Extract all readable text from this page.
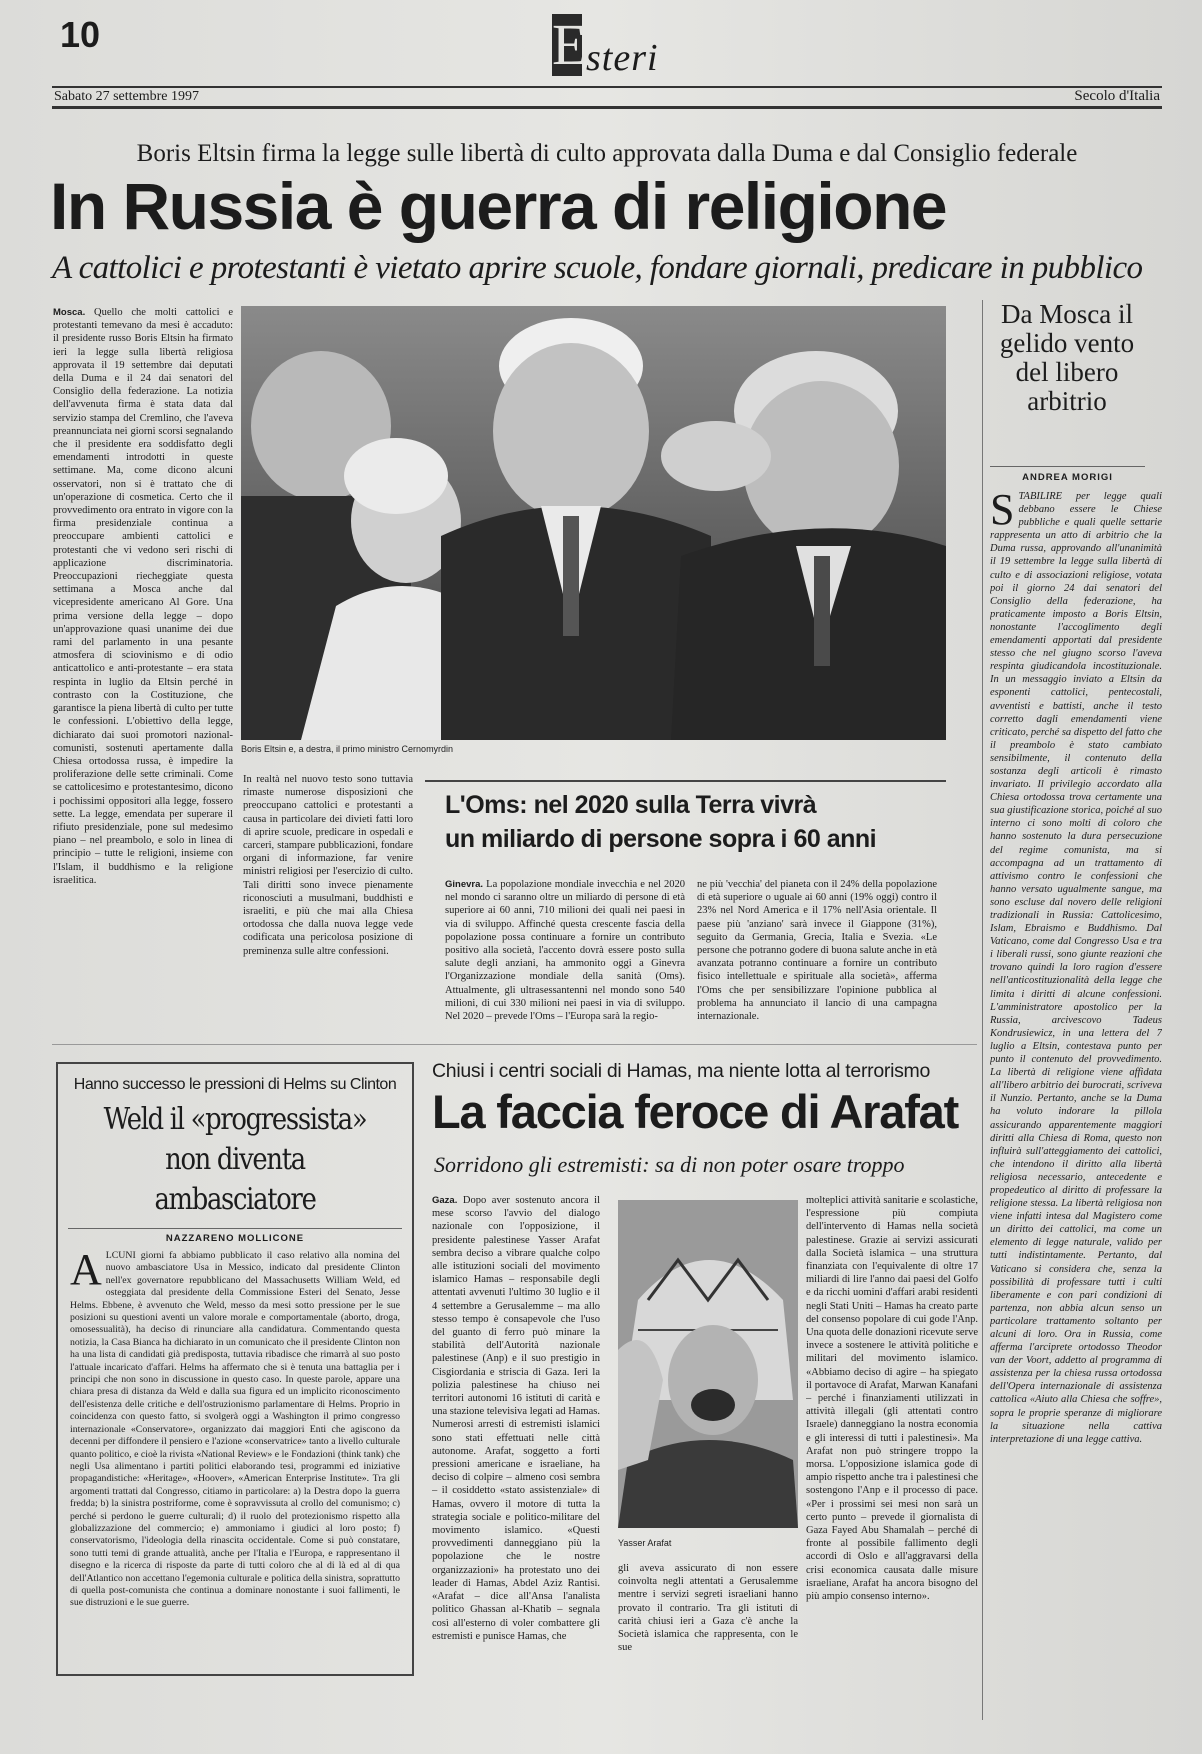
10	E
steri
Sabato 27 settembre 1997	Secolo d'Italia
Boris Eltsin firma la legge sulle libertà di culto approvata dalla Duma e dal Consiglio federale
In Russia è guerra di religione
A cattolici e protestanti è vietato aprire scuole, fondare giornali, predicare in pubblico
Mosca. Quello che molti cattolici e protestanti temevano da mesi è accaduto: il presidente russo Boris Eltsin ha firmato ieri la legge sulla libertà religiosa approvata il 19 settembre dai deputati della Duma e il 24 dai senatori del Consiglio della federazione. La notizia dell'avvenuta firma è stata data dal servizio stampa del Cremlino, che l'aveva preannunciata nei giorni scorsi segnalando che il presidente era soddisfatto degli emendamenti introdotti in queste settimane. Ma, come dicono alcuni osservatori, non si è trattato che di un'operazione di cosmetica. Certo che il provvedimento ora entrato in vigore con la firma presidenziale continua a preoccupare ambienti cattolici e protestanti che vi vedono seri rischi di applicazione discriminatoria. Preoccupazioni riecheggiate questa settimana a Mosca anche dal vicepresidente americano Al Gore. Una prima versione della legge – dopo un'approvazione quasi unanime dei due rami del parlamento in una pesante atmosfera di sciovinismo e di odio anticattolico e anti-protestante – era stata respinta in luglio da Eltsin perché in contrasto con la Costituzione, che garantisce la piena libertà di culto per tutte le confessioni. L'obiettivo della legge, dichiarato dai suoi promotori nazional-comunisti, sostenuti apertamente dalla Chiesa ortodossa russa, è impedire la proliferazione delle sette criminali. Come se cattolicesimo e protestantesimo, dicono i pochissimi oppositori alla legge, fossero sette. La legge, emendata per superare il rifiuto presidenziale, pone sul medesimo piano – nel preambolo, e solo in linea di principio – tutte le religioni, insieme con l'Islam, il buddhismo e la religione israelitica.
Boris Eltsin e, a destra, il primo ministro Cernomyrdin
In realtà nel nuovo testo sono tuttavia rimaste numerose disposizioni che preoccupano cattolici e protestanti a causa in particolare dei divieti fatti loro di aprire scuole, predicare in ospedali e carceri, stampare pubblicazioni, fondare organi di informazione, far venire ministri religiosi per l'esercizio di culto. Tali diritti sono invece pienamente riconosciuti a musulmani, buddhisti e israeliti, e più che mai alla Chiesa ortodossa che dalla nuova legge vede codificata una pericolosa posizione di preminenza sulle altre confessioni.
L'Oms: nel 2020 sulla Terra vivrà
un miliardo di persone sopra i 60 anni
Ginevra. La popolazione mondiale invecchia e nel 2020 nel mondo ci saranno oltre un miliardo di persone di età superiore ai 60 anni, 710 milioni dei quali nei paesi in via di sviluppo. Affinché questa crescente fascia della popolazione possa continuare a fornire un contributo positivo alla società, l'accento dovrà essere posto sulla salute degli anziani, ha ammonito oggi a Ginevra l'Organizzazione mondiale della sanità (Oms). Attualmente, gli ultrasessantenni nel mondo sono 540 milioni, di cui 330 milioni nei paesi in via di sviluppo. Nel 2020 – prevede l'Oms – l'Europa sarà la regio-
ne più 'vecchia' del pianeta con il 24% della popolazione di età superiore o uguale ai 60 anni (19% oggi) contro il 23% nel Nord America e il 17% nell'Asia orientale. Il paese più 'anziano' sarà invece il Giappone (31%), seguito da Germania, Grecia, Italia e Svezia. «Le persone che potranno godere di buona salute anche in età avanzata potranno continuare a fornire un contributo fisico intellettuale e spirituale alla società», afferma l'Oms che per sensibilizzare l'opinione pubblica al problema ha annunciato il lancio di una campagna internazionale.
Da Mosca il gelido vento del libero arbitrio
ANDREA MORIGI
S TABILIRE per legge quali debbano essere le Chiese pubbliche e quali quelle settarie rappresenta un atto di arbitrio che la Duma russa, approvando all'unanimità il 19 settembre la legge sulla libertà di culto e di associazioni religiose, votata poi il giorno 24 dai senatori del Consiglio della federazione, ha praticamente imposto a Boris Eltsin, nonostante l'accoglimento degli emendamenti apportati dal presidente stesso che nel giugno scorso l'aveva respinta giudicandola incostituzionale. In un messaggio inviato a Eltsin da esponenti cattolici, pentecostali, avventisti e battisti, anche il testo corretto dagli emendamenti viene criticato, perché sa dispetto del fatto che il preambolo è stato cambiato sensibilmente, il contenuto della sostanza degli articoli è rimasto invariato. Il privilegio accordato alla Chiesa ortodossa trova certamente una sua giustificazione storica, poiché al suo interno ci sono molti di coloro che hanno sostenuto la dura persecuzione del regime comunista, ma si accompagna ad un trattamento di attivismo contro le confessioni che hanno versato ugualmente sangue, ma sono escluse dal novero delle religioni tradizionali in Russia: Cattolicesimo, Islam, Ebraismo e Buddhismo. Dal Vaticano, come dal Congresso Usa e tra i liberali russi, sono giunte reazioni che trovano quindi la loro ragion d'essere nell'anticostituzionalità della legge che limita i diritti di alcune confessioni. L'amministratore apostolico per la Russia, arcivescovo Tadeus Kondrusiewicz, in una lettera del 7 luglio a Eltsin, contestava punto per punto il contenuto del provvedimento. La libertà di religione viene affidata all'libero arbitrio dei burocrati, scriveva il Nunzio. Pertanto, anche se la Duma ha voluto indorare la pillola assicurando apparentemente maggiori diritti alla Chiesa di Roma, questo non influirà sull'atteggiamento dei cattolici, che intendono il diritto alla libertà religiosa necessario, antecedente e propedeutico al diritto di professare la religione stessa. La libertà religiosa non viene infatti intesa dal Magistero come un diritto dei cattolici, ma come un elemento di legge naturale, valido per tutti indistintamente. Pertanto, dal Vaticano si considera che, senza la possibilità di professare tutti i culti liberamente e con pari condizioni di partenza, non abbia alcun senso un particolare trattamento soltanto per alcuni di loro. Ora in Russia, come afferma l'arciprete ortodosso Theodor van der Voort, addetto al programma di assistenza per la chiesa russa ortodossa dell'Opera internazionale di assistenza cattolica «Aiuto alla Chiesa che soffre», sopra le proprie speranze di migliorare la situazione nella cattiva interpretazione di una legge cattiva.
Hanno successo le pressioni di Helms su Clinton
Weld il «progressista»
non diventa ambasciatore
NAZZARENO MOLLICONE
A LCUNI giorni fa abbiamo pubblicato il caso relativo alla nomina del nuovo ambasciatore Usa in Messico, indicato dal presidente Clinton nell'ex governatore repubblicano del Massachusetts William Weld, ed osteggiata dal presidente della Commissione Esteri del Senato, Jesse Helms. Ebbene, è avvenuto che Weld, messo da mesi sotto pressione per le sue posizioni su questioni aventi un valore morale e comportamentale (aborto, droga, omosessualità), ha deciso di rinunciare alla candidatura. Commentando questa notizia, la Casa Bianca ha dichiarato in un comunicato che il presidente Clinton non ha una lista di candidati già predisposta, tuttavia ribadisce che rimarrà al suo posto l'attuale incaricato d'affari. Helms ha affermato che si è tenuta una battaglia per i principi che non sono in discussione in questo caso. In queste parole, appare una chiara presa di distanza da Weld e dalla sua figura ed un implicito riconoscimento dell'esistenza delle critiche e dell'ostruzionismo parlamentare di Helms. Proprio in coincidenza con questo fatto, si svolgerà oggi a Washington il primo congresso internazionale «Conservatore», organizzato dai maggiori Enti che agiscono da decenni per diffondere il pensiero e l'azione «conservatrice» tanto a livello culturale quanto politico, e cioè la rivista «National Review» e le Fondazioni (think tank) che negli Usa alimentano i partiti politici elaborando tesi, programmi ed iniziative propagandistiche: «Heritage», «Hoover», «American Enterprise Institute». Tra gli argomenti trattati dal Congresso, citiamo in particolare: a) la Destra dopo la guerra fredda; b) la sinistra postriforme, come è sopravvissuta al crollo del comunismo; c) perché si perdono le guerre culturali; d) il ruolo del protezionismo rispetto alla globalizzazione del commercio; e) ammoniamo i giudici al loro posto; f) conservatorismo, l'ideologia della rinascita occidentale. Come si può constatare, sono tutti temi di grande attualità, anche per l'Italia e l'Europa, e rappresentano il disegno e la ricerca di risposte da parte di tutti coloro che al di là ed al di qua dell'Atlantico non accettano l'egemonia culturale e politica della sinistra, soprattutto di quella post-comunista che continua a dominare nonostante i suoi fallimenti, le sue distruzioni e le sue guerre.
Chiusi i centri sociali di Hamas, ma niente lotta al terrorismo
La faccia feroce di Arafat
Sorridono gli estremisti: sa di non poter osare troppo
Gaza. Dopo aver sostenuto ancora il mese scorso l'avvio del dialogo nazionale con l'opposizione, il presidente palestinese Yasser Arafat sembra deciso a vibrare qualche colpo alle istituzioni sociali del movimento islamico Hamas – responsabile degli attentati avvenuti l'ultimo 30 luglio e il 4 settembre a Gerusalemme – ma allo stesso tempo è consapevole che l'uso del guanto di ferro può minare la stabilità dell'Autorità nazionale palestinese (Anp) e il suo prestigio in Cisgiordania e striscia di Gaza. Ieri la polizia palestinese ha chiuso nei territori autonomi 16 istituti di carità e una stazione televisiva legati ad Hamas. Numerosi arresti di estremisti islamici sono stati effettuati nelle città autonome. Arafat, soggetto a forti pressioni americane e israeliane, ha deciso di colpire – almeno così sembra – il cosiddetto «stato assistenziale» di Hamas, ovvero il motore di tutta la strategia sociale e politico-militare del movimento islamico. «Questi provvedimenti danneggiano più la popolazione che le nostre organizzazioni» ha protestato uno dei leader di Hamas, Abdel Aziz Rantisi. «Arafat – dice all'Ansa l'analista politico Ghassan al-Khatib – segnala così all'esterno di voler combattere gli estremisti e punisce Hamas, che
Yasser Arafat
gli aveva assicurato di non essere coinvolta negli attentati a Gerusalemme mentre i servizi segreti israeliani hanno provato il contrario. Tra gli istituti di carità chiusi ieri a Gaza c'è anche la Società islamica che rappresenta, con le sue
molteplici attività sanitarie e scolastiche, l'espressione più compiuta dell'intervento di Hamas nella società palestinese. Grazie ai servizi assicurati dalla Società islamica – una struttura finanziata con l'equivalente di oltre 17 miliardi di lire l'anno dai paesi del Golfo e da ricchi uomini d'affari arabi residenti negli Stati Uniti – Hamas ha creato parte del consenso popolare di cui gode l'Anp. Una quota delle donazioni ricevute serve invece a sostenere le attività politiche e militari del movimento islamico. «Abbiamo deciso di agire – ha spiegato il portavoce di Arafat, Marwan Kanafani – perché i finanziamenti utilizzati in attività illegali (gli attentati contro Israele) danneggiano la nostra economia e gli interessi di tutti i palestinesi». Ma Arafat non può stringere troppo la morsa. L'opposizione islamica gode di ampio rispetto anche tra i palestinesi che sostengono l'Anp e il processo di pace. «Per i prossimi sei mesi non sarà un certo punto – prevede il giornalista di Gaza Fayed Abu Shamalah – perché di fronte al possibile fallimento degli accordi di Oslo e all'aggravarsi della crisi economica causata dalle misure israeliane, Arafat ha ancora bisogno del più ampio consenso interno».
